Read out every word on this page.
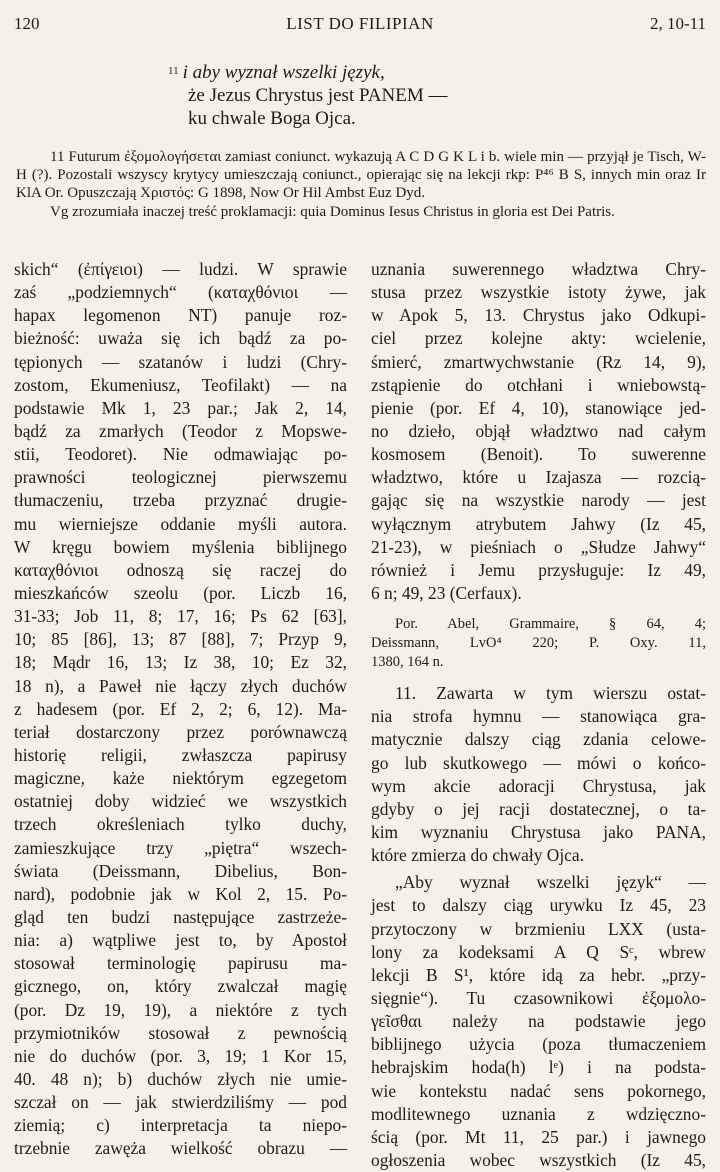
120	LIST DO FILIPIAN	2, 10-11
$^{11}$ i aby wyznał wszelki język,
że Jezus Chrystus jest PANEM —
ku chwale Boga Ojca.

11 Futurum ἐξομολογήσεται zamiast coniunct. wykazują A C D G K L i b. wiele min — przyjął je Tisch, W-H (?). Pozostali wszyscy krytycy umieszczają coniunct., opierając się na lekcji rkp: P⁴⁶ B S, innych min oraz Ir KlA Or. Opuszczają Χριστός: G 1898, Now Or Hil Ambst Euz Dyd.

Vg zrozumiała inaczej treść proklamacji: quia Dominus Iesus Christus in gloria est Dei Patris.

skich“ (ἐπίγειοι) — ludzi. W sprawie
zaś „podziemnych“ (καταχθόνιοι —
hapax legomenon NT) panuje roz-
bieżność: uważa się ich bądź za po-
tępionych — szatanów i ludzi (Chry-
zostom, Ekumeniusz, Teofilakt) — na
podstawie Mk 1, 23 par.; Jak 2, 14,
bądź za zmarłych (Teodor z Mopswe-
stii, Teodoret). Nie odmawiając po-
prawności teologicznej pierwszemu
tłumaczeniu, trzeba przyznać drugie-
mu wierniejsze oddanie myśli autora.
W kręgu bowiem myślenia biblijnego
καταχθόνιοι odnoszą się raczej do
mieszkańców szeolu (por. Liczb 16,
31-33; Job 11, 8; 17, 16; Ps 62 [63],
10; 85 [86], 13; 87 [88], 7; Przyp 9,
18; Mądr 16, 13; Iz 38, 10; Ez 32,
18 n), a Paweł nie łączy złych duchów
z hadesem (por. Ef 2, 2; 6, 12). Ma-
teriał dostarczony przez porównawczą
historię religii, zwłaszcza papirusy
magiczne, każe niektórym egzegetom
ostatniej doby widzieć we wszystkich
trzech określeniach tylko duchy,
zamieszkujące trzy „piętra“ wszech-
świata (Deissmann, Dibelius, Bon-
nard), podobnie jak w Kol 2, 15. Po-
gląd ten budzi następujące zastrzeże-
nia: a) wątpliwe jest to, by Apostoł
stosował terminologię papirusu ma-
gicznego, on, który zwalczał magię
(por. Dz 19, 19), a niektóre z tych
przymiotników stosował z pewnością
nie do duchów (por. 3, 19; 1 Kor 15,
40. 48 n); b) duchów złych nie umie-
szczał on — jak stwierdziliśmy — pod
ziemią; c) interpretacja ta niepo-
trzebnie zawęża wielkość obrazu —
uznania suwerennego władztwa Chry-
stusa przez wszystkie istoty żywe, jak
w Apok 5, 13. Chrystus jako Odkupi-
ciel przez kolejne akty: wcielenie,
śmierć, zmartwychwstanie (Rz 14, 9),
zstąpienie do otchłani i wniebowstą-
pienie (por. Ef 4, 10), stanowiące jed-
no dzieło, objął władztwo nad całym
kosmosem (Benoit). To suwerenne
władztwo, które u Izajasza — rozcią-
gając się na wszystkie narody — jest
wyłącznym atrybutem Jahwy (Iz 45,
21-23), w pieśniach o „Słudze Jahwy“
również i Jemu przysługuje: Iz 49,
6 n; 49, 23 (Cerfaux).
Por. Abel, Grammaire, § 64, 4;
Deissmann, LvO⁴ 220; P. Oxy. 11,
1380, 164 n.
11. Zawarta w tym wierszu ostat-
nia strofa hymnu — stanowiąca gra-
matycznie dalszy ciąg zdania celowe-
go lub skutkowego — mówi o końco-
wym akcie adoracji Chrystusa, jak
gdyby o jej racji dostatecznej, o ta-
kim wyznaniu Chrystusa jako PANA,
które zmierza do chwały Ojca.
„Aby wyznał wszelki język“ —
jest to dalszy ciąg urywku Iz 45, 23
przytoczony w brzmieniu LXX (usta-
lony za kodeksami A Q Sᶜ, wbrew
lekcji B S¹, które idą za hebr. „przy-
sięgnie“). Tu czasownikowi ἐξομολο-
γεῖσθαι należy na podstawie jego
biblijnego użycia (poza tłumaczeniem
hebrajskim hoda(h) lᵉ) i na podsta-
wie kontekstu nadać sens pokornego,
modlitewnego uznania z wdzięczno-
ścią (por. Mt 11, 25 par.) i jawnego
ogłoszenia wobec wszystkich (Iz 45,
